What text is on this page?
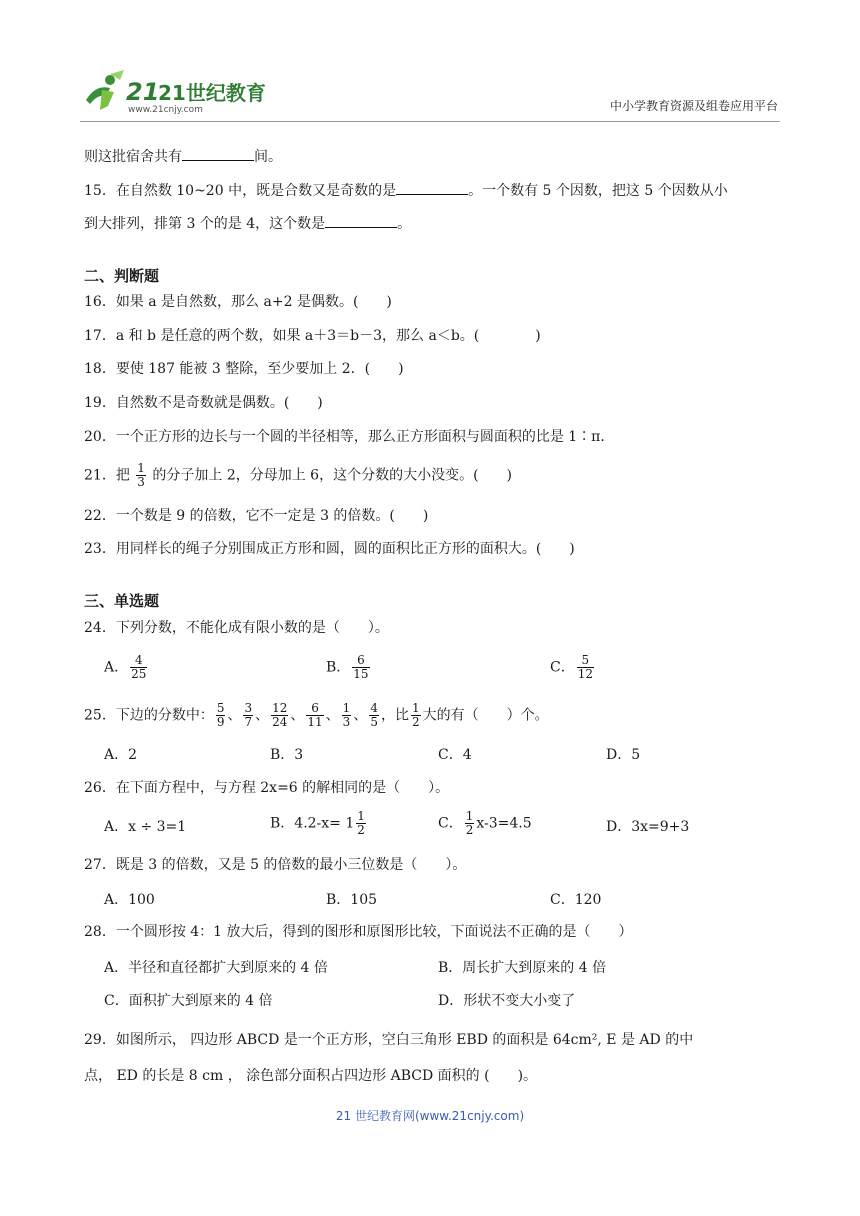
21
21世纪教育
www.21cnjy.com	中小学教育资源及组卷应用平台
则这批宿舍共有	间。
15．在自然数 10~20 中，既是合数又是奇数的是	。一个数有 5 个因数，把这 5 个因数从小
到大排列，排第 3 个的是 4，这个数是	。
二、判断题
16．如果 a 是自然数，那么 a+2 是偶数。(　　)
17．a 和 b 是任意的两个数，如果 a＋3＝b－3，那么 a＜b。(　　　　)
18．要使 187 能被 3 整除，至少要加上 2．(　　)
19．自然数不是奇数就是偶数。(　　)
20．一个正方形的边长与一个圆的半径相等，那么正方形面积与圆面积的比是 1∶π．
21．把 $\frac{1}{3}$ 的分子加上 2，分母加上 6，这个分数的大小没变。(　　)
22．一个数是 9 的倍数，它不一定是 3 的倍数。(　　)
23．用同样长的绳子分别围成正方形和圆，圆的面积比正方形的面积大。(　　)
三、单选题
24．下列分数，不能化成有限小数的是（　　）。
A． $\frac{4}{25}$	B． $\frac{6}{15}$	C． $\frac{5}{12}$
25．下边的分数中： $\frac{5}{9}$ 、 $\frac{3}{7}$ 、 $\frac{12}{24}$ 、 $\frac{6}{11}$ 、 $\frac{1}{3}$ 、 $\frac{4}{5}$ ，比 $\frac{1}{2}$ 大的有（　　）个。
A．2	B．3	C．4	D．5
26．在下面方程中，与方程 2x=6 的解相同的是（　　）。
A．x ÷ 3=1	B．$4.2-x= 1 \frac{1}{2}$	C． $\frac{1}{2} x-3=4.5$	D．3x=9+3
27．既是 3 的倍数，又是 5 的倍数的最小三位数是（　　）。
A．100	B．105	C．120
28．一个圆形按 4：1 放大后，得到的图形和原图形比较，下面说法不正确的是（　　）
A．半径和直径都扩大到原来的 4 倍	B．周长扩大到原来的 4 倍
C．面积扩大到原来的 4 倍	D．形状不变大小变了
29．如图所示， 四边形 ABCD 是一个正方形，空白三角形 EBD 的面积是 64cm², E 是 AD 的中
点， ED 的长是 8 cm ， 涂色部分面积占四边形 ABCD 面积的 (　　)。
21 世纪教育网(www.21cnjy.com)
